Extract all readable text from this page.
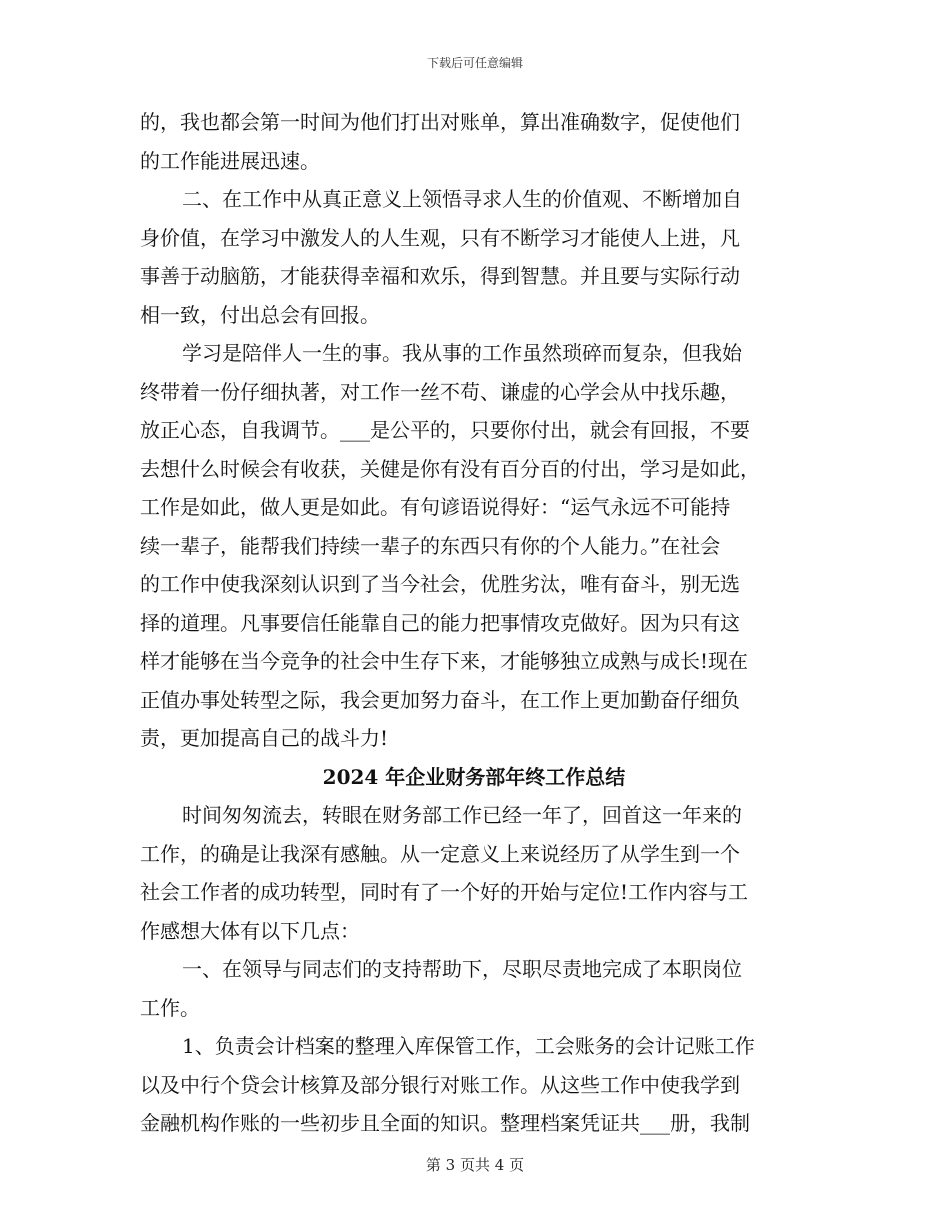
下载后可任意编辑
的，我也都会第一时间为他们打出对账单，算出准确数字，促使他们
的工作能进展迅速。
二、在工作中从真正意义上领悟寻求人生的价值观、不断增加自
身价值，在学习中激发人的人生观，只有不断学习才能使人上进，凡
事善于动脑筋，才能获得幸福和欢乐，得到智慧。并且要与实际行动
相一致，付出总会有回报。
学习是陪伴人一生的事。我从事的工作虽然琐碎而复杂，但我始
终带着一份仔细执著，对工作一丝不苟、谦虚的心学会从中找乐趣，
放正心态，自我调节。___是公平的，只要你付出，就会有回报，不要
去想什么时候会有收获，关健是你有没有百分百的付出，学习是如此，
工作是如此，做人更是如此。有句谚语说得好：“运气永远不可能持
续一辈子，能帮我们持续一辈子的东西只有你的个人能力。”在社会
的工作中使我深刻认识到了当今社会，优胜劣汰，唯有奋斗，别无选
择的道理。凡事要信任能靠自己的能力把事情攻克做好。因为只有这
样才能够在当今竞争的社会中生存下来，才能够独立成熟与成长!现在
正值办事处转型之际，我会更加努力奋斗，在工作上更加勤奋仔细负
责，更加提高自己的战斗力!
2024 年企业财务部年终工作总结
时间匆匆流去，转眼在财务部工作已经一年了，回首这一年来的
工作，的确是让我深有感触。从一定意义上来说经历了从学生到一个
社会工作者的成功转型，同时有了一个好的开始与定位!工作内容与工
作感想大体有以下几点：
一、在领导与同志们的支持帮助下，尽职尽责地完成了本职岗位
工作。
1、负责会计档案的整理入库保管工作，工会账务的会计记账工作
以及中行个贷会计核算及部分银行对账工作。从这些工作中使我学到
金融机构作账的一些初步且全面的知识。整理档案凭证共___册，我制
第 3 页共 4 页
